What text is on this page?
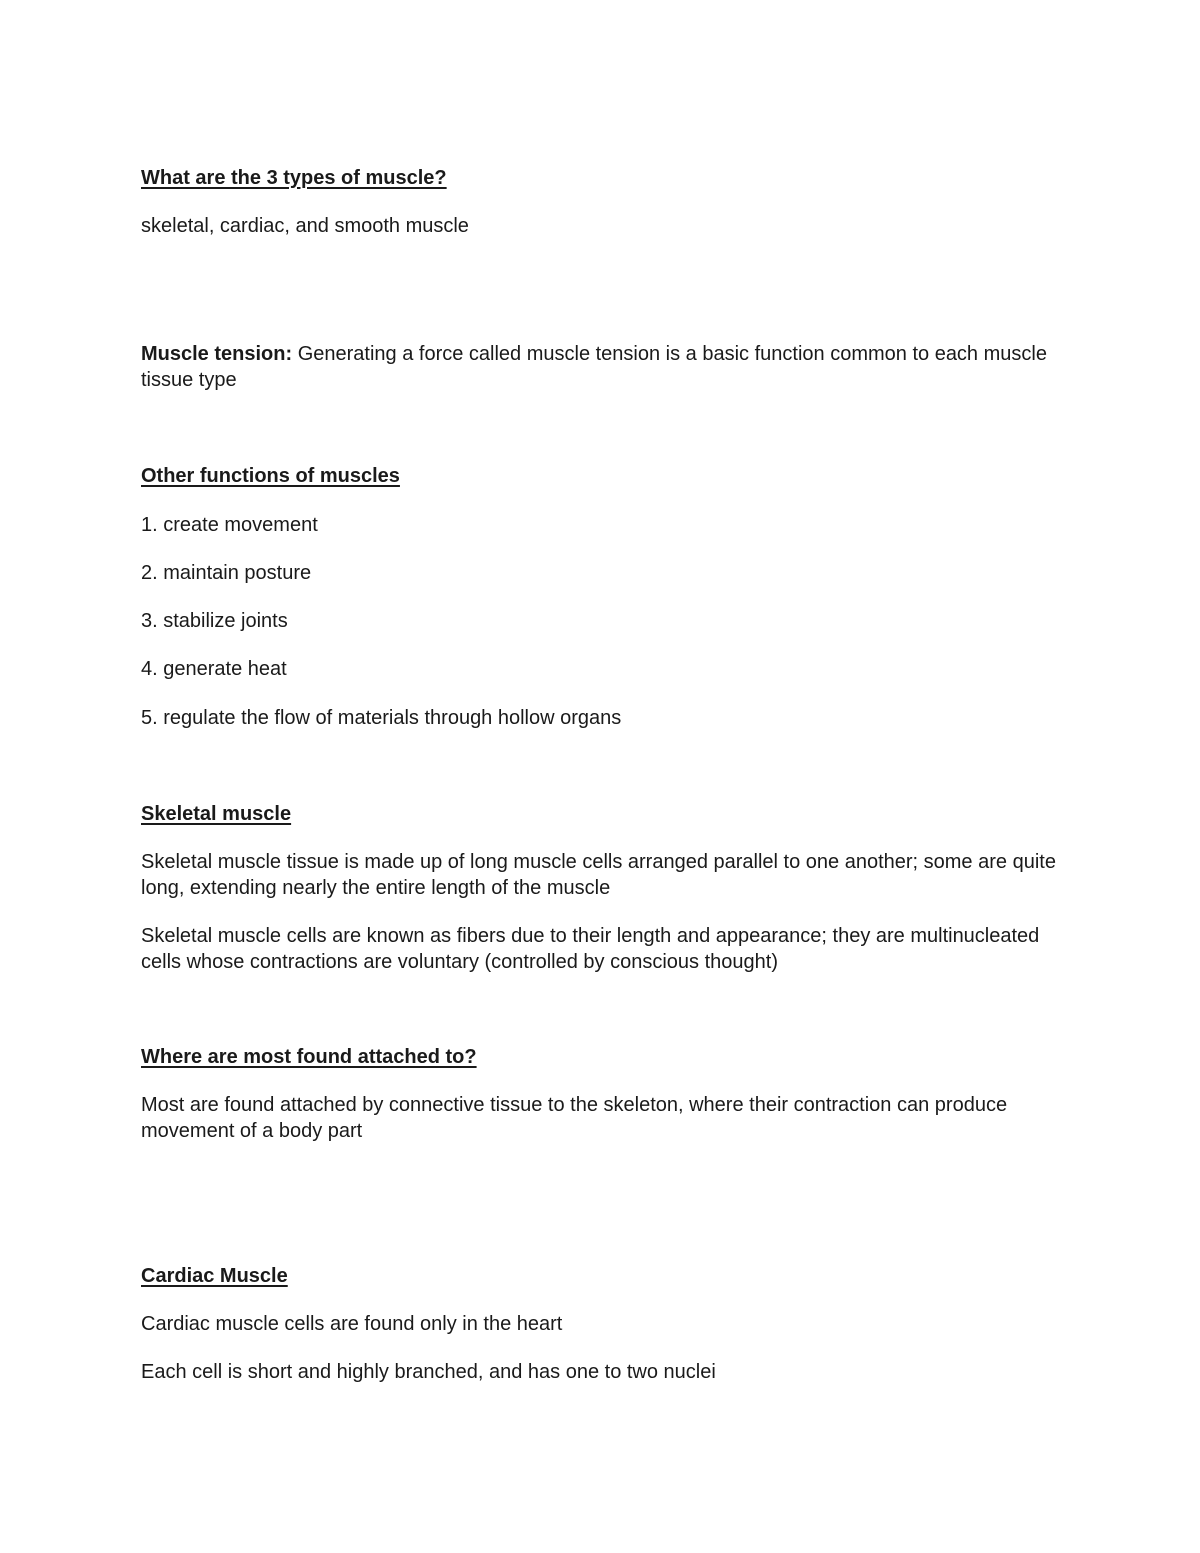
What are the 3 types of muscle?

skeletal, cardiac, and smooth muscle

Muscle tension: Generating a force called muscle tension is a basic function common to each muscle tissue type

Other functions of muscles

1. create movement

2. maintain posture

3. stabilize joints

4. generate heat

5. regulate the flow of materials through hollow organs

Skeletal muscle

Skeletal muscle tissue is made up of long muscle cells arranged parallel to one another; some are quite long, extending nearly the entire length of the muscle

Skeletal muscle cells are known as fibers due to their length and appearance; they are multinucleated cells whose contractions are voluntary (controlled by conscious thought)

Where are most found attached to?

Most are found attached by connective tissue to the skeleton, where their contraction can produce movement of a body part

Cardiac Muscle

Cardiac muscle cells are found only in the heart

Each cell is short and highly branched, and has one to two nuclei
